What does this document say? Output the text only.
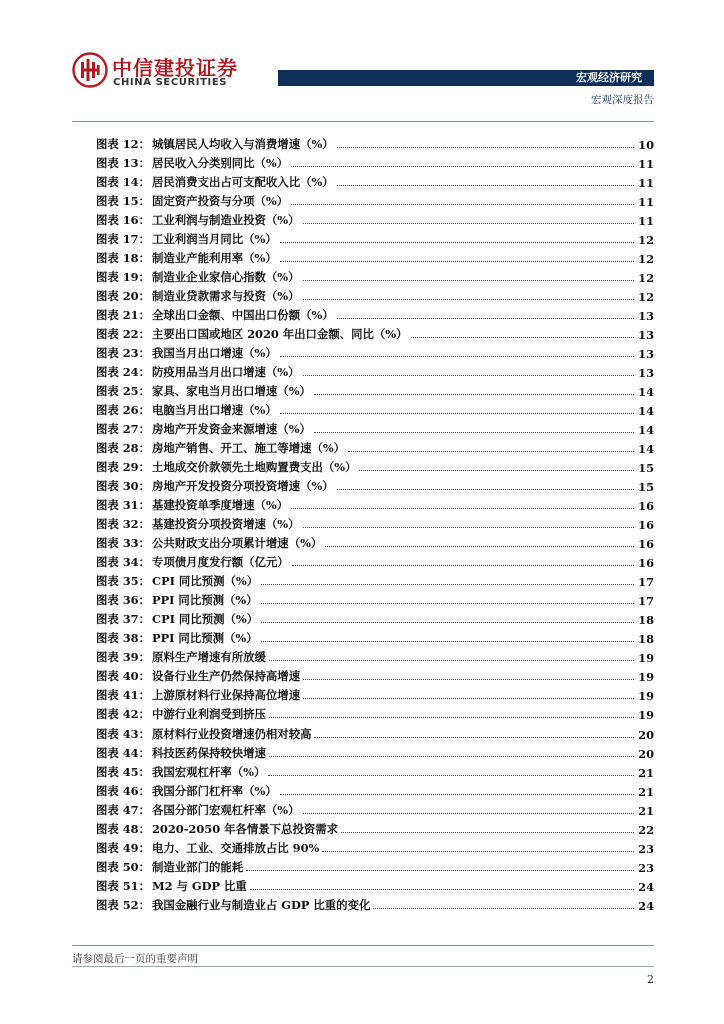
中信建投证券
CHINA SECURITIES	宏观经济研究
宏观深度报告
图表 12： 城镇居民人均收入与消费增速（%）	10
图表 13： 居民收入分类别同比（%）	11
图表 14： 居民消费支出占可支配收入比（%）	11
图表 15： 固定资产投资与分项（%）	11
图表 16： 工业利润与制造业投资（%）	11
图表 17： 工业利润当月同比（%）	12
图表 18： 制造业产能利用率（%）	12
图表 19： 制造业企业家信心指数（%）	12
图表 20： 制造业贷款需求与投资（%）	12
图表 21： 全球出口金额、中国出口份额（%）	13
图表 22： 主要出口国或地区 2020 年出口金额、同比（%）	13
图表 23： 我国当月出口增速（%）	13
图表 24： 防疫用品当月出口增速（%）	13
图表 25： 家具、家电当月出口增速（%）	14
图表 26： 电脑当月出口增速（%）	14
图表 27： 房地产开发资金来源增速（%）	14
图表 28： 房地产销售、开工、施工等增速（%）	14
图表 29： 土地成交价款领先土地购置费支出（%）	15
图表 30： 房地产开发投资分项投资增速（%）	15
图表 31： 基建投资单季度增速（%）	16
图表 32： 基建投资分项投资增速（%）	16
图表 33： 公共财政支出分项累计增速（%）	16
图表 34： 专项债月度发行额（亿元）	16
图表 35： CPI 同比预测（%）	17
图表 36： PPI 同比预测（%）	17
图表 37： CPI 同比预测（%）	18
图表 38： PPI 同比预测（%）	18
图表 39： 原料生产增速有所放缓	19
图表 40： 设备行业生产仍然保持高增速	19
图表 41： 上游原材料行业保持高位增速	19
图表 42： 中游行业利润受到挤压	19
图表 43： 原材料行业投资增速仍相对较高	20
图表 44： 科技医药保持较快增速	20
图表 45： 我国宏观杠杆率（%）	21
图表 46： 我国分部门杠杆率（%）	21
图表 47： 各国分部门宏观杠杆率（%）	21
图表 48： 2020-2050 年各情景下总投资需求	22
图表 49： 电力、工业、交通排放占比 90%	23
图表 50： 制造业部门的能耗	23
图表 51： M2 与 GDP 比重	24
图表 52： 我国金融行业与制造业占 GDP 比重的变化	24
请参阅最后一页的重要声明
2
